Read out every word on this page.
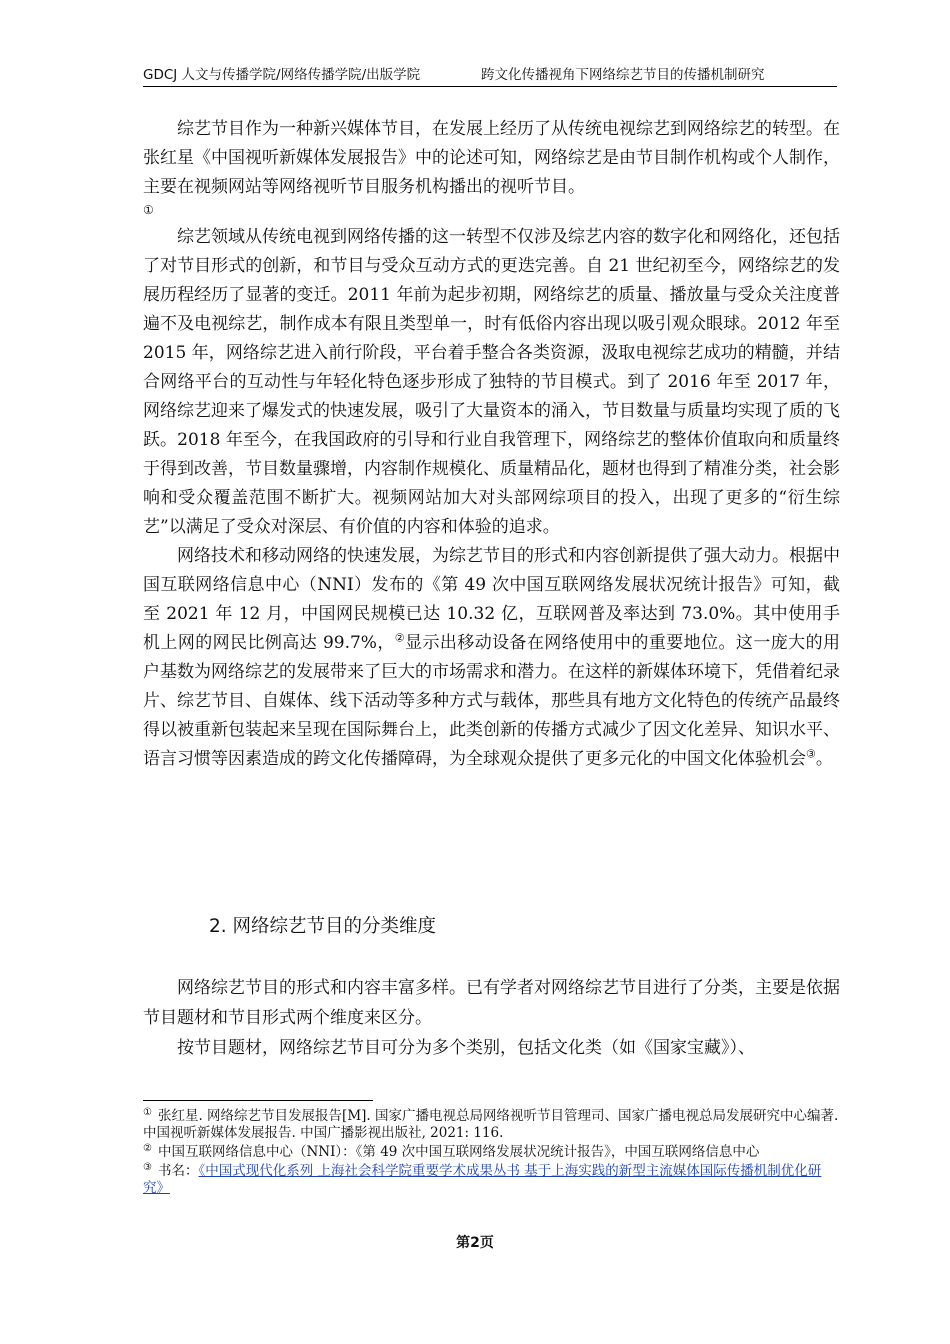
GDCJ 人文与传播学院/网络传播学院/出版学院	跨文化传播视角下网络综艺节目的传播机制研究

综艺节目作为一种新兴媒体节目，在发展上经历了从传统电视综艺到网络综艺的转型。在张红星《中国视听新媒体发展报告》中的论述可知，网络综艺是由节目制作机构或个人制作，主要在视频网站等网络视听节目服务机构播出的视听节目。

①

综艺领域从传统电视到网络传播的这一转型不仅涉及综艺内容的数字化和网络化，还包括了对节目形式的创新，和节目与受众互动方式的更迭完善。自 21 世纪初至今，网络综艺的发展历程经历了显著的变迁。2011 年前为起步初期，网络综艺的质量、播放量与受众关注度普遍不及电视综艺，制作成本有限且类型单一，时有低俗内容出现以吸引观众眼球。2012 年至 2015 年，网络综艺进入前行阶段，平台着手整合各类资源，汲取电视综艺成功的精髓，并结合网络平台的互动性与年轻化特色逐步形成了独特的节目模式。到了 2016 年至 2017 年，网络综艺迎来了爆发式的快速发展，吸引了大量资本的涌入，节目数量与质量均实现了质的飞跃。2018 年至今，在我国政府的引导和行业自我管理下，网络综艺的整体价值取向和质量终于得到改善，节目数量骤增，内容制作规模化、质量精品化，题材也得到了精准分类，社会影响和受众覆盖范围不断扩大。视频网站加大对头部网综项目的投入，出现了更多的“衍生综艺”以满足了受众对深层、有价值的内容和体验的追求。

网络技术和移动网络的快速发展，为综艺节目的形式和内容创新提供了强大动力。根据中国互联网络信息中心（NNI）发布的《第 49 次中国互联网络发展状况统计报告》可知，截至 2021 年 12 月，中国网民规模已达 10.32 亿，互联网普及率达到 73.0%。其中使用手机上网的网民比例高达 99.7%，②显示出移动设备在网络使用中的重要地位。这一庞大的用户基数为网络综艺的发展带来了巨大的市场需求和潜力。在这样的新媒体环境下，凭借着纪录片、综艺节目、自媒体、线下活动等多种方式与载体，那些具有地方文化特色的传统产品最终得以被重新包装起来呈现在国际舞台上，此类创新的传播方式减少了因文化差异、知识水平、语言习惯等因素造成的跨文化传播障碍，为全球观众提供了更多元化的中国文化体验机会③。

2. 网络综艺节目的分类维度

网络综艺节目的形式和内容丰富多样。已有学者对网络综艺节目进行了分类，主要是依据节目题材和节目形式两个维度来区分。

按节目题材，网络综艺节目可分为多个类别，包括文化类（如《国家宝藏》）、

① 张红星. 网络综艺节目发展报告[M]. 国家广播电视总局网络视听节目管理司、国家广播电视总局发展研究中心编著. 中国视听新媒体发展报告. 中国广播影视出版社, 2021: 116.

② 中国互联网络信息中心（NNI）：《第 49 次中国互联网络发展状况统计报告》，中国互联网络信息中心

③ 书名：《中国式现代化系列 上海社会科学院重要学术成果丛书 基于上海实践的新型主流媒体国际传播机制优化研究》

第2页
